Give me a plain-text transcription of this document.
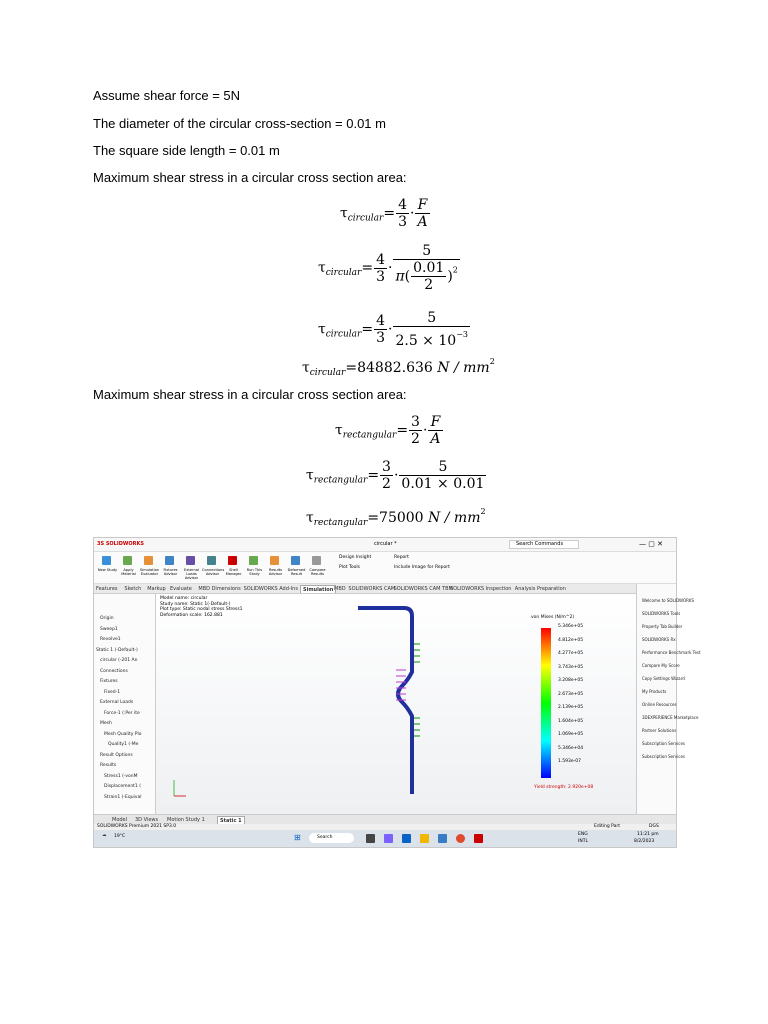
Assume shear force = 5N
The diameter of the circular cross-section = 0.01 m
The square side length = 0.01 m
Maximum shear stress in a circular cross section area:
$\tau_{circular}= \frac{4}{3} \cdot \frac{F}{A}$
$\tau_{circular}= \frac{4}{3} \cdot \frac{5}{\pi( \frac{0.01}{2} )^2}$
$\tau_{circular}= \frac{4}{3} \cdot \frac{5}{2.5 \times 10^{-3}}$
$\tau_{circular}=84882.636$ N / $mm^2$
Maximum shear stress in a circular cross section area:
$\tau_{rectangular}= \frac{3}{2} \cdot \frac{F}{A}$
$\tau_{rectangular}= \frac{3}{2} \cdot \frac{5}{0.01 \times 0.01}$
$\tau_{rectangular}=75000$ N / $mm^2$
3S SOLIDWORKS	circular *	Search Commands	— ▢ ✕
New Study	Apply Material
Simulation Evaluator
Fixtures Advisor
External Loads Advisor
Connections Advisor
Shell Manager
Run This Study
Results Advisor
Deformed Result
Compare Results
Design Insight
Plot Tools
Report
Include Image for Report
Features Sketch Markup Evaluate MBD Dimensions SOLIDWORKS Add-Ins	Simulation MBD SOLIDWORKS CAM
SOLIDWORKS CAM TBM
SOLIDWORKS Inspection Analysis Preparation
Origin
Sweep1
Revolve1
Static 1 (-Default-)
circular (-201 An
Connections
Fixtures
Fixed-1
External Loads
Force-1 (:Per ite
Mesh
Mesh Quality Plo
Quality1 (-Me
Result Options
Results
Stress1 (-vonM
Displacement1 (
Strain1 (-Equival
Model name: circular
Study name: Static 1(-Default-)
Plot type: Static nodal stress Stress1
Deformation scale: 162.881	von Mises (N/m^2)
5.346e+05
4.812e+05
4.277e+05
3.743e+05
3.208e+05
2.673e+05
2.139e+05
1.604e+05
1.069e+05
5.346e+04
1.593e-07
Yield strength: 2.920e+08
Welcome to SOLIDWORKS
SOLIDWORKS Tools
Property Tab Builder
SOLIDWORKS Rx
Performance Benchmark Test
Compare My Score
Copy Settings Wizard
My Products
Online Resources
3DEXPERIENCE Marketplace
Partner Solutions
Subscription Services
Subscription Services
Model 3D Views Motion Study 1	Static 1
SOLIDWORKS Premium 2021 SP3.0	Editing Part	DGS
☁ 19°C	⊞	Search
ENG
INTL
11:21 pm
8/2/2023
